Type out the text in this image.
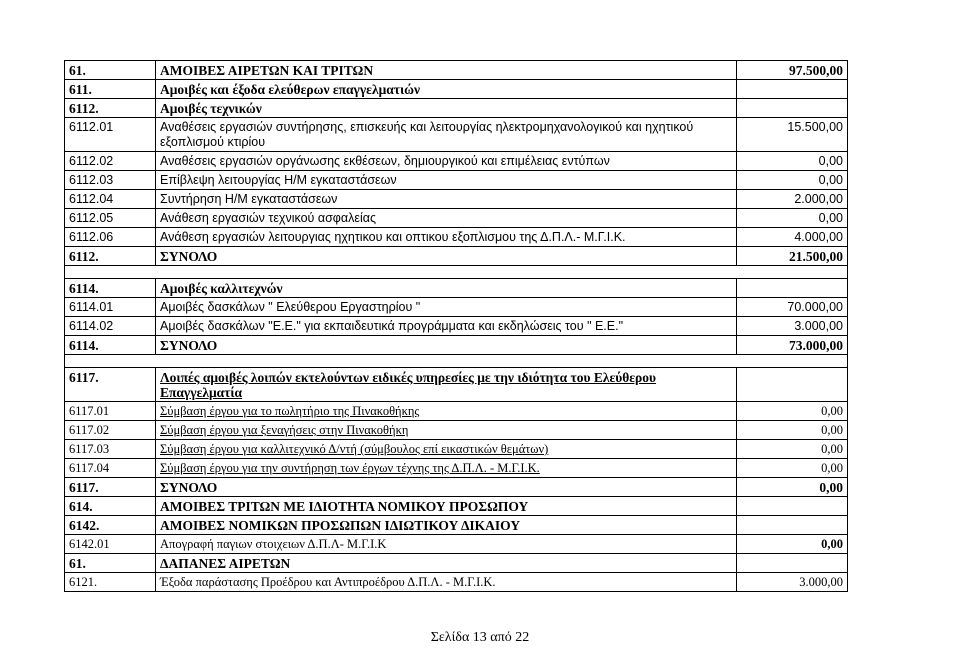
61.	ΑΜΟΙΒΕΣ ΑΙΡΕΤΩΝ ΚΑΙ ΤΡΙΤΩΝ	97.500,00
611.	Αμοιβές και έξοδα ελεύθερων επαγγελματιών	
6112.	Αμοιβές τεχνικών	
6112.01	Αναθέσεις εργασιών συντήρησης, επισκευής και λειτουργίας ηλεκτρομηχανολογικού και ηχητικού εξοπλισμού κτιρίου	15.500,00
6112.02	Αναθέσεις εργασιών οργάνωσης εκθέσεων, δημιουργικού και επιμέλειας εντύπων	0,00
6112.03	Επίβλεψη λειτουργίας Η/Μ εγκαταστάσεων	0,00
6112.04	Συντήρηση Η/Μ εγκαταστάσεων	2.000,00
6112.05	Ανάθεση εργασιών τεχνικού ασφαλείας	0,00
6112.06	Ανάθεση εργασιών λειτουργιας ηχητικου και οπτικου εξοπλισμου της Δ.Π.Λ.- Μ.Γ.Ι.Κ.	4.000,00
6112.	ΣΥΝΟΛΟ	21.500,00

6114.	Αμοιβές καλλιτεχνών	
6114.01	Αμοιβές δασκάλων " Ελεύθερου Εργαστηρίου "	70.000,00
6114.02	Αμοιβές δασκάλων "Ε.Ε." για εκπαιδευτικά προγράμματα και εκδηλώσεις του " Ε.Ε."	3.000,00
6114.	ΣΥΝΟΛΟ	73.000,00

6117.	Λοιπές αμοιβές λοιπών εκτελούντων ειδικές υπηρεσίες με την ιδιότητα του Ελεύθερου Επαγγελματία	
6117.01	Σύμβαση έργου για το πωλητήριο της Πινακοθήκης	0,00
6117.02	Σύμβαση έργου για ξεναγήσεις στην Πινακοθήκη	0,00
6117.03	Σύμβαση έργου για καλλιτεχνικό Δ/ντή (σύμβουλος επί εικαστικών θεμάτων)	0,00
6117.04	Σύμβαση έργου για την συντήρηση των έργων τέχνης της Δ.Π.Λ. - Μ.Γ.Ι.Κ.	0,00
6117.	ΣΥΝΟΛΟ	0,00
614.	ΑΜΟΙΒΕΣ ΤΡΙΤΩΝ ΜΕ ΙΔΙΟΤΗΤΑ ΝΟΜΙΚΟΥ ΠΡΟΣΩΠΟΥ	
6142.	ΑΜΟΙΒΕΣ ΝΟΜΙΚΩΝ ΠΡΟΣΩΠΩΝ ΙΔΙΩΤΙΚΟΥ ΔΙΚΑΙΟΥ	
6142.01	Απογραφή παγιων στοιχειων Δ.Π.Λ- Μ.Γ.Ι.Κ	0,00
61.	ΔΑΠΑΝΕΣ ΑΙΡΕΤΩΝ	
6121.	Έξοδα παράστασης Προέδρου και Αντιπροέδρου Δ.Π.Λ. - Μ.Γ.Ι.Κ.	3.000,00
Σελίδα 13 από 22
